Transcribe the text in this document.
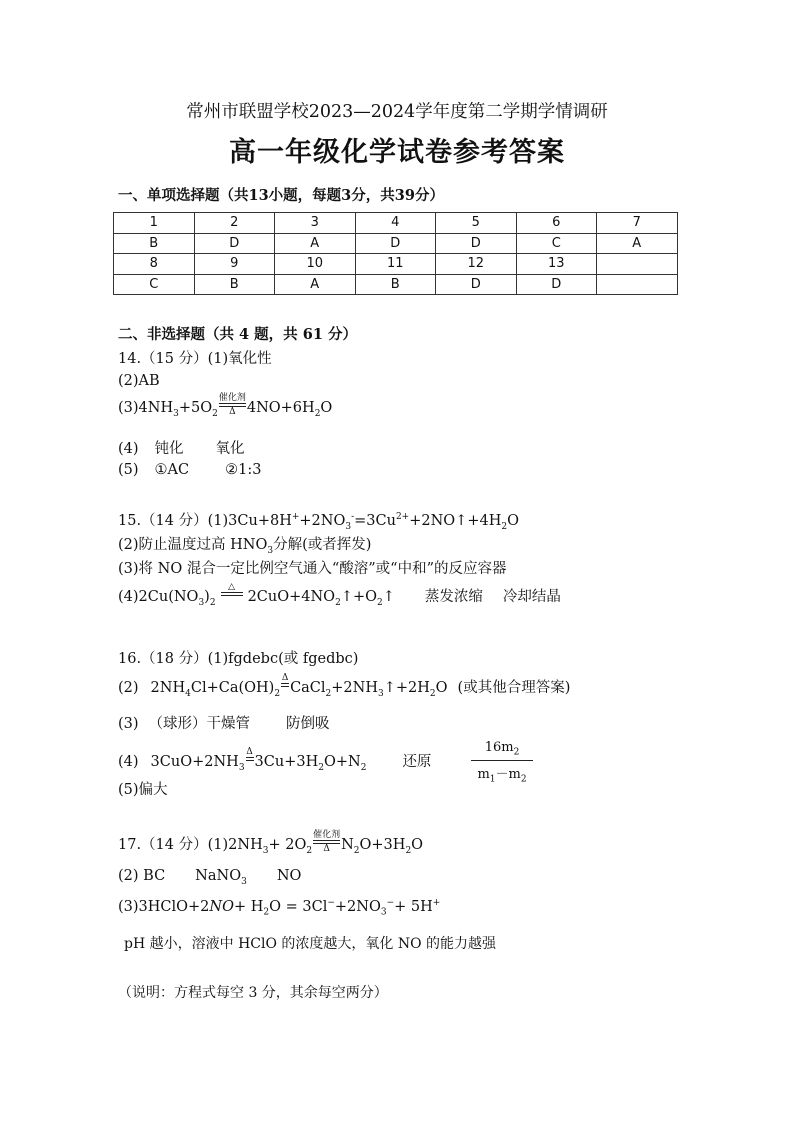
常州市联盟学校2023—2024学年度第二学期学情调研
高一年级化学试卷参考答案
一、单项选择题（共13小题，每题3分，共39分）
1	2	3	4	5	6	7
B	D	A	D	D	C	A
8	9	10	11	12	13	
C	B	A	B	D	D	
二、非选择题（共 4 题，共 61 分）
14.（15 分）(1)氧化性
(2)AB
$(3)4NH_3+5O_2$
催化剂
Δ $4NO+6H_2O$
(4) 钝化 氧化
(5) ①AC ②1:3
15.（14 分）$(1)3Cu+8H^++2NO_3^-=3Cu^{2+}+2NO↑+4H_2O$
(2)防止温度过高 $HNO_3$分解(或者挥发)
(3)将 NO 混合一定比例空气通入“酸溶”或“中和”的反应容器
$(4)2Cu(NO_3)_2$
△

$2CuO+4NO_2↑+O_2↑$ 蒸发浓缩 冷却结晶
16.（18 分）(1)fgdebc(或 fgedbc)
(2) $2NH_4Cl+Ca(OH)_2$
Δ

$CaCl_2+2NH_3↑+2H_2O$ (或其他合理答案)
(3) （球形）干燥管 防倒吸
(4) $3CuO+2NH_3$
Δ

$3Cu+3H_2O+N_2$ 还原	$\frac{16m_2}{m_1-m_2}$
(5)偏大
17.（14 分）$(1)2NH_3+ 2O_2$
催化剂
Δ $N_2O+3H_2O$
(2) BC NaNO$_3$ NO
(3)3HClO+2NO+ $H_2O = 3Cl^-+2NO_3^-+ 5H^+$
pH 越小，溶液中 HClO 的浓度越大，氧化 NO 的能力越强
（说明：方程式每空 3 分，其余每空两分）
